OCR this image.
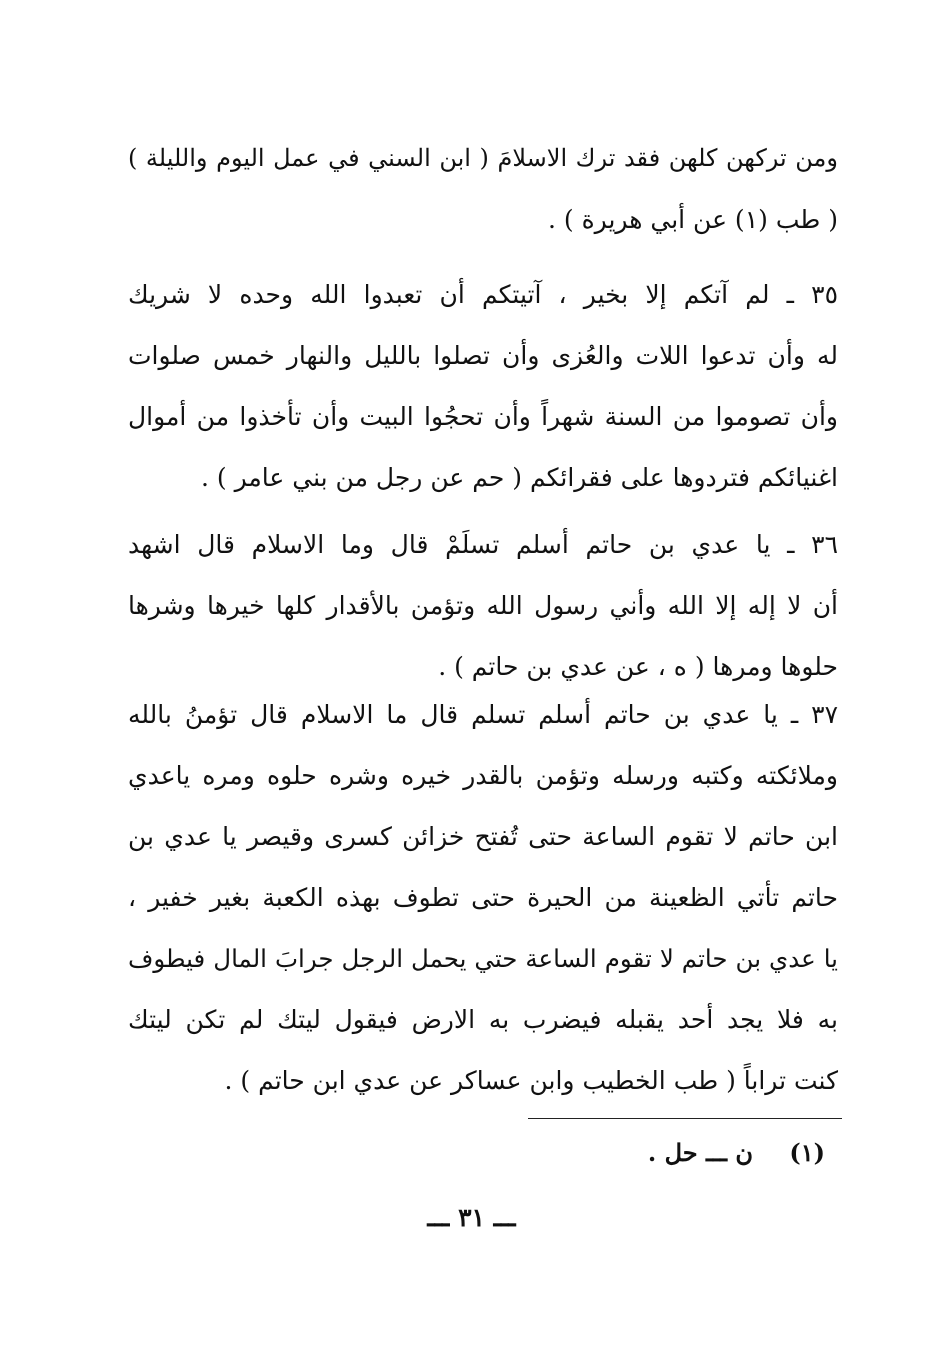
ومن تركهن كلهن فقد ترك الاسلامَ ( ابن السني في عمل اليوم والليلة )
( طب (١) عن أبي هريرة ) .
٣٥ ـ لم آتكم إلا بخير ، آتيتكم أن تعبدوا الله وحده لا شريك
له وأن تدعوا اللات والعُزى وأن تصلوا بالليل والنهار خمس صلوات
وأن تصوموا من السنة شهراً وأن تحجُوا البيت وأن تأخذوا من أموال
اغنيائكم فتردوها على فقرائكم ( حم عن رجل من بني عامر ) .
٣٦ ـ يا عدي بن حاتم أسلم تسلَمْ قال وما الاسلام قال اشهد
أن لا إله إلا الله وأني رسول الله وتؤمن بالأقدار كلها خيرها وشرها
حلوها ومرها ( ه ، عن عدي بن حاتم ) .
٣٧ ـ يا عدي بن حاتم أسلم تسلم قال ما الاسلام قال تؤمنُ بالله
وملائكته وكتبه ورسله وتؤمن بالقدر خيره وشره حلوه ومره ياعدي
ابن حاتم لا تقوم الساعة حتى تُفتح خزائن كسرى وقيصر يا عدي بن
حاتم تأتي الظعينة من الحيرة حتى تطوف بهذه الكعبة بغير خفير ،
يا عدي بن حاتم لا تقوم الساعة حتي يحمل الرجل جرابَ المال فيطوف
به فلا يجد أحد يقبله فيضرب به الارض فيقول ليتك لم تكن ليتك
كنت تراباً ( طب الخطيب وابن عساكر عن عدي ابن حاتم ) .
(١) ن ـــ حل .
ـــ ٣١ ـــ
